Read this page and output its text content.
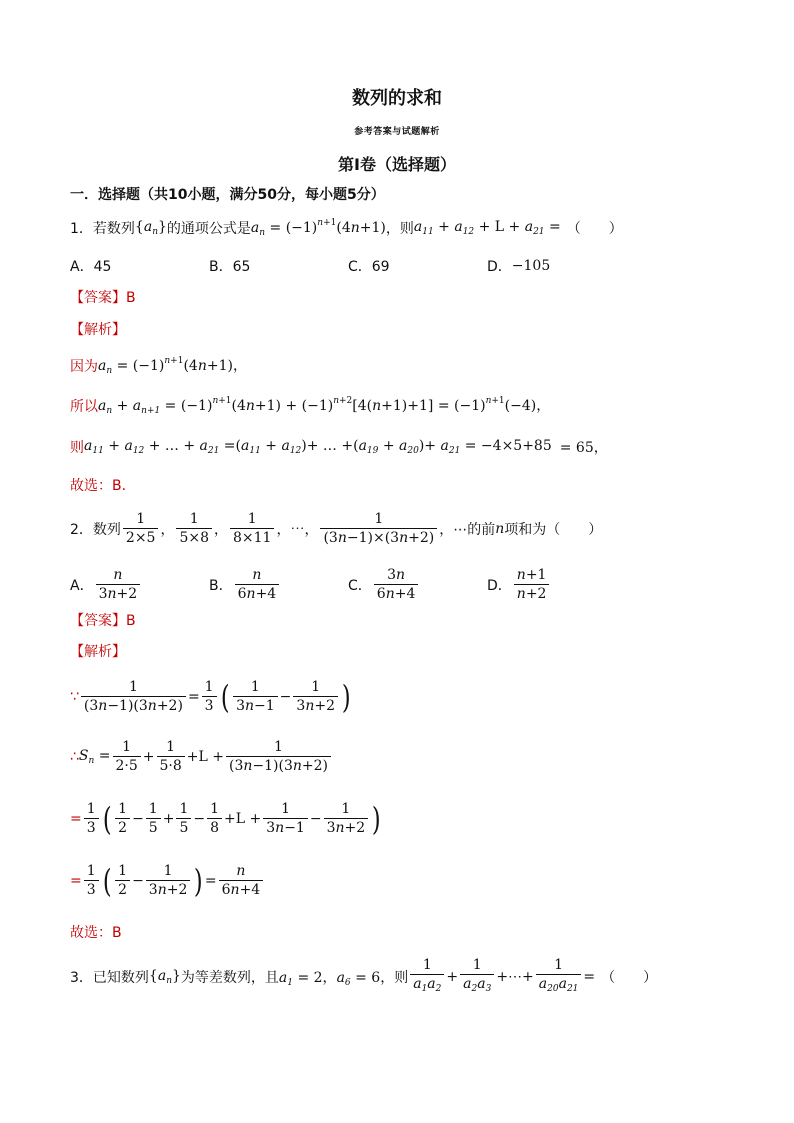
数列的求和
参考答案与试题解析
第Ⅰ卷（选择题）
一．选择题（共10小题，满分50分，每小题5分）
1．若数列 $\{a_n\}$ 的通项公式是 $a_n = (-1)^{n+1}(4n+1)$ ，则 $a_{11} + a_{12} + L + a_{21}$ = （　　）
A．45	B．65	C．69	D． −105
【答案】B
【解析】
因为 $a_n = (-1)^{n+1}(4n+1)$，
所以 $a_n + a_{n+1} = (-1)^{n+1}(4n+1) + (-1)^{n+2}[4(n+1)+1] = (-1)^{n+1}(-4)$，
则 $a_{11} + a_{12}$ + … + $a_{21} =(a_{11} + a_{12})+$ … $+(a_{19} + a_{20})+ a_{21} = -4\times 5+85 = 65$，
故选：B．
2．数列 $\frac{1}{2\times 5}$ ， $\frac{1}{5\times 8}$ ， $\frac{1}{8\times 11}$ ，⋯， $\frac{1}{(3n-1)\times(3n+2)}$ ，⋯的前 n 项和为（　　）
A． $\frac{n}{3n+2}$	B． $\frac{n}{6n+4}$	C． $\frac{3n}{6n+4}$	D． $\frac{n+1}{n+2}$
【答案】B
【解析】
∵ $\frac{1}{(3n-1)(3n+2)} = \frac{1}{3}$ ( $\frac{1}{3n-1} - \frac{1}{3n+2}$ )
∴ $S_n = \frac{1}{2\cdot 5} + \frac{1}{5\cdot 8} +L + \frac{1}{(3n-1)(3n+2)}$
= $\frac{1}{3}$ ( $\frac{1}{2} - \frac{1}{5} + \frac{1}{5} - \frac{1}{8} +L + \frac{1}{3n-1} - \frac{1}{3n+2}$ )
= $\frac{1}{3}$ ( $\frac{1}{2} - \frac{1}{3n+2}$ ) = $\frac{n}{6n+4}$
故选：B
3．已知数列 $\{a_n\}$ 为等差数列，且 $a_1 = 2$，$a_6 = 6$ ，则 $\frac{1}{a_1a_2} + \frac{1}{a_2a_3}$ +⋯+ $\frac{1}{a_{20}a_{21}}$ = （　　）
